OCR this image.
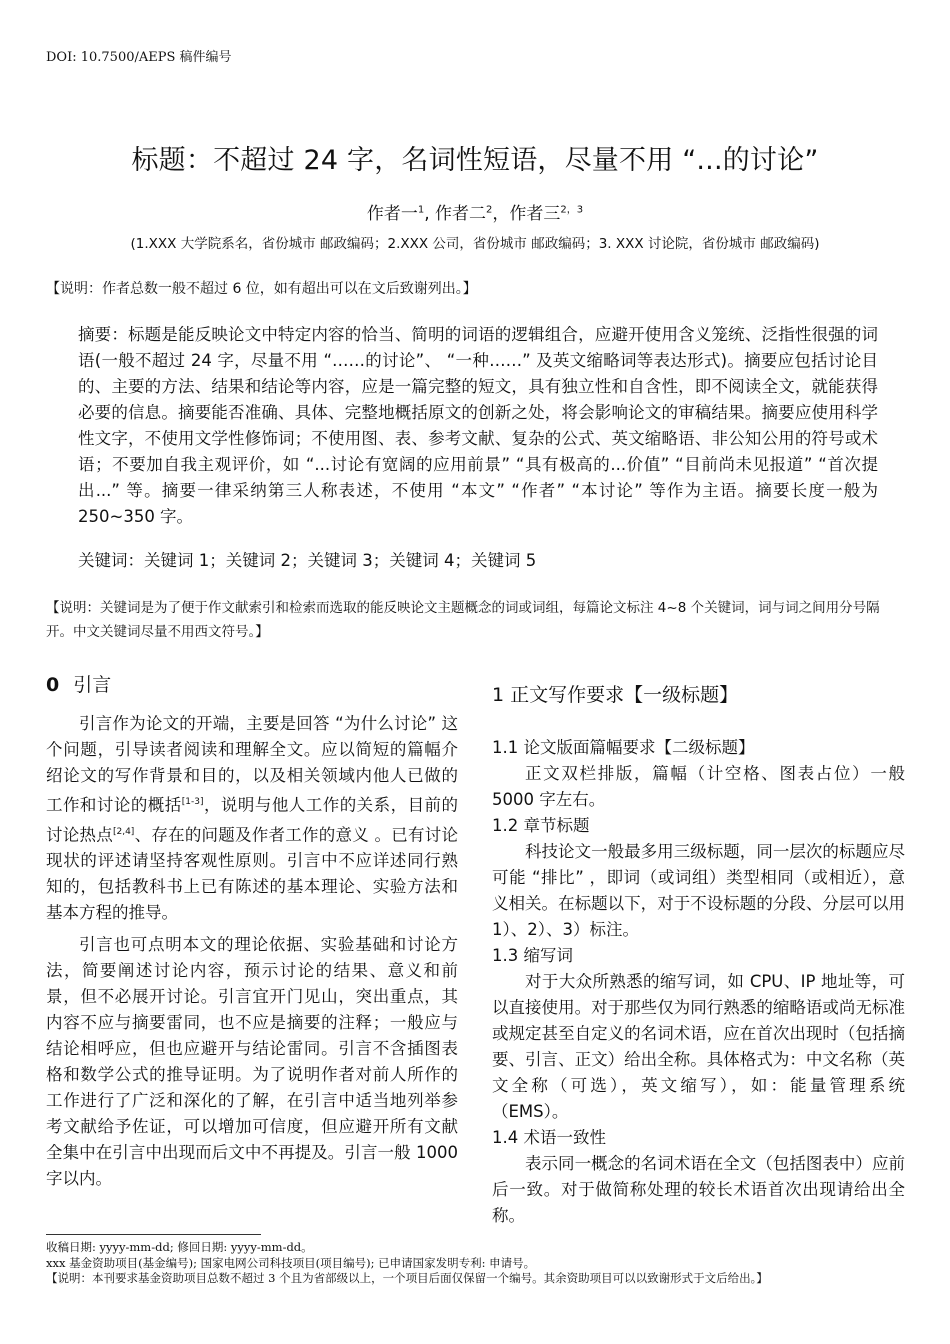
DOI: 10.7500/AEPS 稿件编号
标题：不超过 24 字，名词性短语，尽量不用 “...的讨论”
作者一$^1$, 作者二$^2$，作者三$^{2,3}$
(1.XXX 大学院系名，省份城市 邮政编码；2.XXX 公司，省份城市 邮政编码；3. XXX 讨论院，省份城市 邮政编码)
【说明：作者总数一般不超过 6 位，如有超出可以在文后致谢列出。】
摘要：标题是能反映论文中特定内容的恰当、简明的词语的逻辑组合，应避开使用含义笼统、泛指性很强的词语(一般不超过 24 字，尽量不用 “……的讨论”、 “一种……” 及英文缩略词等表达形式)。摘要应包括讨论目的、主要的方法、结果和结论等内容，应是一篇完整的短文，具有独立性和自含性，即不阅读全文，就能获得必要的信息。摘要能否准确、具体、完整地概括原文的创新之处，将会影响论文的审稿结果。摘要应使用科学性文字，不使用文学性修饰词；不使用图、表、参考文献、复杂的公式、英文缩略语、非公知公用的符号或术语；不要加自我主观评价，如 “...讨论有宽阔的应用前景” “具有极高的...价值” “目前尚未见报道” “首次提出...” 等。摘要一律采纳第三人称表述，不使用 “本文” “作者” “本讨论” 等作为主语。摘要长度一般为 250~350 字。
关键词：关键词 1；关键词 2；关键词 3；关键词 4；关键词 5
【说明：关键词是为了便于作文献索引和检索而选取的能反映论文主题概念的词或词组，每篇论文标注 4~8 个关键词，词与词之间用分号隔开。中文关键词尽量不用西文符号。】
0 引言

引言作为论文的开端，主要是回答 “为什么讨论” 这个问题，引导读者阅读和理解全文。应以简短的篇幅介绍论文的写作背景和目的，以及相关领域内他人已做的工作和讨论的概括[1-3]，说明与他人工作的关系，目前的讨论热点[2,4]、存在的问题及作者工作的意义 。已有讨论现状的评述请坚持客观性原则。引言中不应详述同行熟知的，包括教科书上已有陈述的基本理论、实验方法和基本方程的推导。

引言也可点明本文的理论依据、实验基础和讨论方法，简要阐述讨论内容，预示讨论的结果、意义和前景，但不必展开讨论。引言宜开门见山，突出重点，其内容不应与摘要雷同，也不应是摘要的注释；一般应与结论相呼应，但也应避开与结论雷同。引言不含插图表格和数学公式的推导证明。为了说明作者对前人所作的工作进行了广泛和深化的了解，在引言中适当地列举参考文献给予佐证，可以增加可信度，但应避开所有文献全集中在引言中出现而后文中不再提及。引言一般 1000 字以内。

1 正文写作要求【一级标题】
1.1 论文版面篇幅要求【二级标题】

正文双栏排版，篇幅（计空格、图表占位）一般 5000 字左右。

1.2 章节标题

科技论文一般最多用三级标题，同一层次的标题应尽可能 “排比” ，即词（或词组）类型相同（或相近），意义相关。在标题以下，对于不设标题的分段、分层可以用 1）、2）、3）标注。

1.3 缩写词

对于大众所熟悉的缩写词，如 CPU、IP 地址等，可以直接使用。对于那些仅为同行熟悉的缩略语或尚无标准或规定甚至自定义的名词术语，应在首次出现时（包括摘要、引言、正文）给出全称。具体格式为：中文名称（英文全称（可选），英文缩写），如：能量管理系统（EMS）。

1.4 术语一致性

表示同一概念的名词术语在全文（包括图表中）应前后一致。对于做简称处理的较长术语首次出现请给出全称。

收稿日期: yyyy-mm-dd; 修回日期: yyyy-mm-dd。
xxx 基金资助项目(基金编号); 国家电网公司科技项目(项目编号); 已申请国家发明专利: 申请号。
【说明：本刊要求基金资助项目总数不超过 3 个且为省部级以上，一个项目后面仅保留一个编号。其余资助项目可以以致谢形式于文后给出。】
